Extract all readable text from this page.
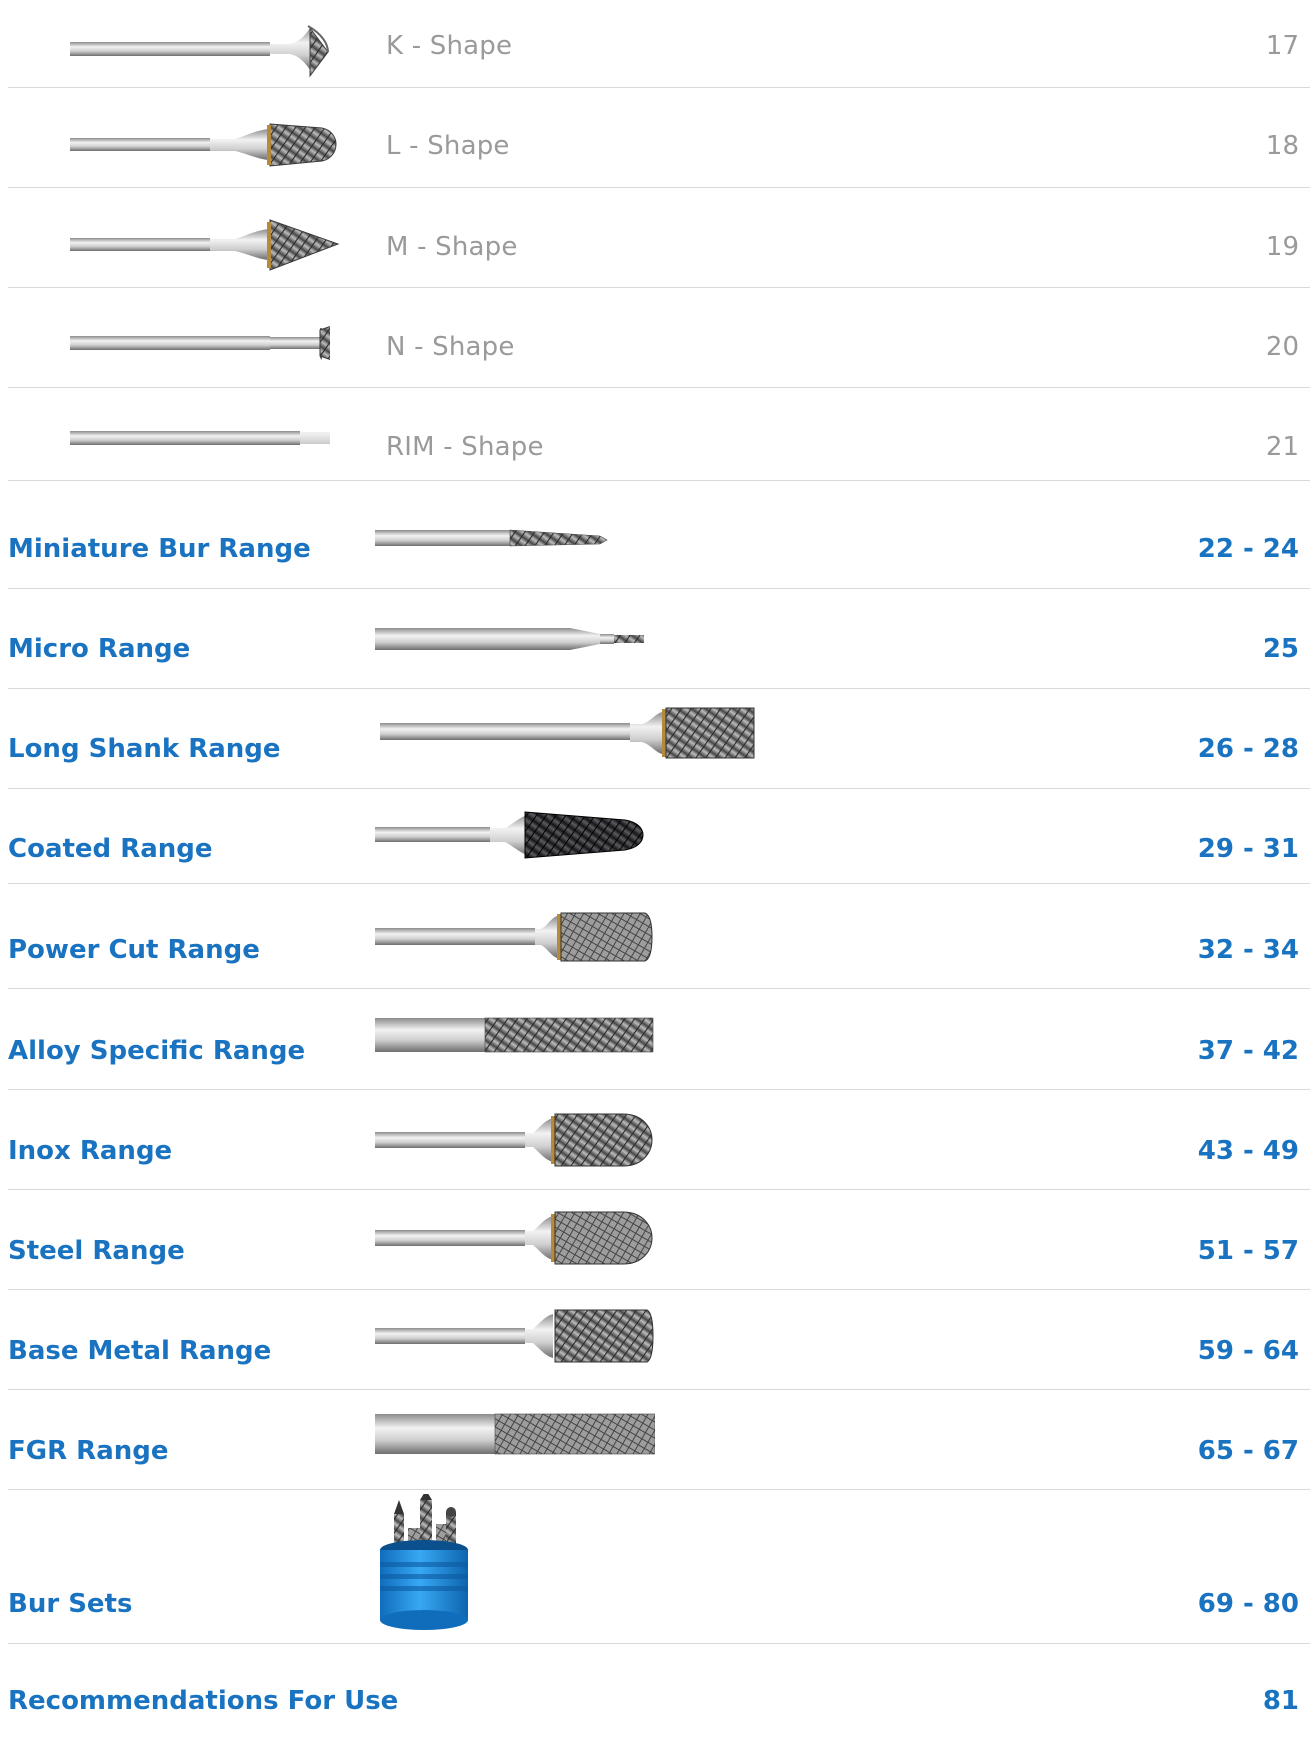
K - Shape	17
L - Shape	18
M - Shape	19
N - Shape	20
RIM - Shape	21
Miniature Bur Range	22 - 24
Micro Range	25
Long Shank Range	26 - 28
Coated Range	29 - 31
Power Cut Range	32 - 34
Alloy Specific Range	37 - 42
Inox Range	43 - 49
Steel Range	51 - 57
Base Metal Range	59 - 64
FGR Range	65 - 67
Bur Sets	69 - 80
Recommendations For Use	81
